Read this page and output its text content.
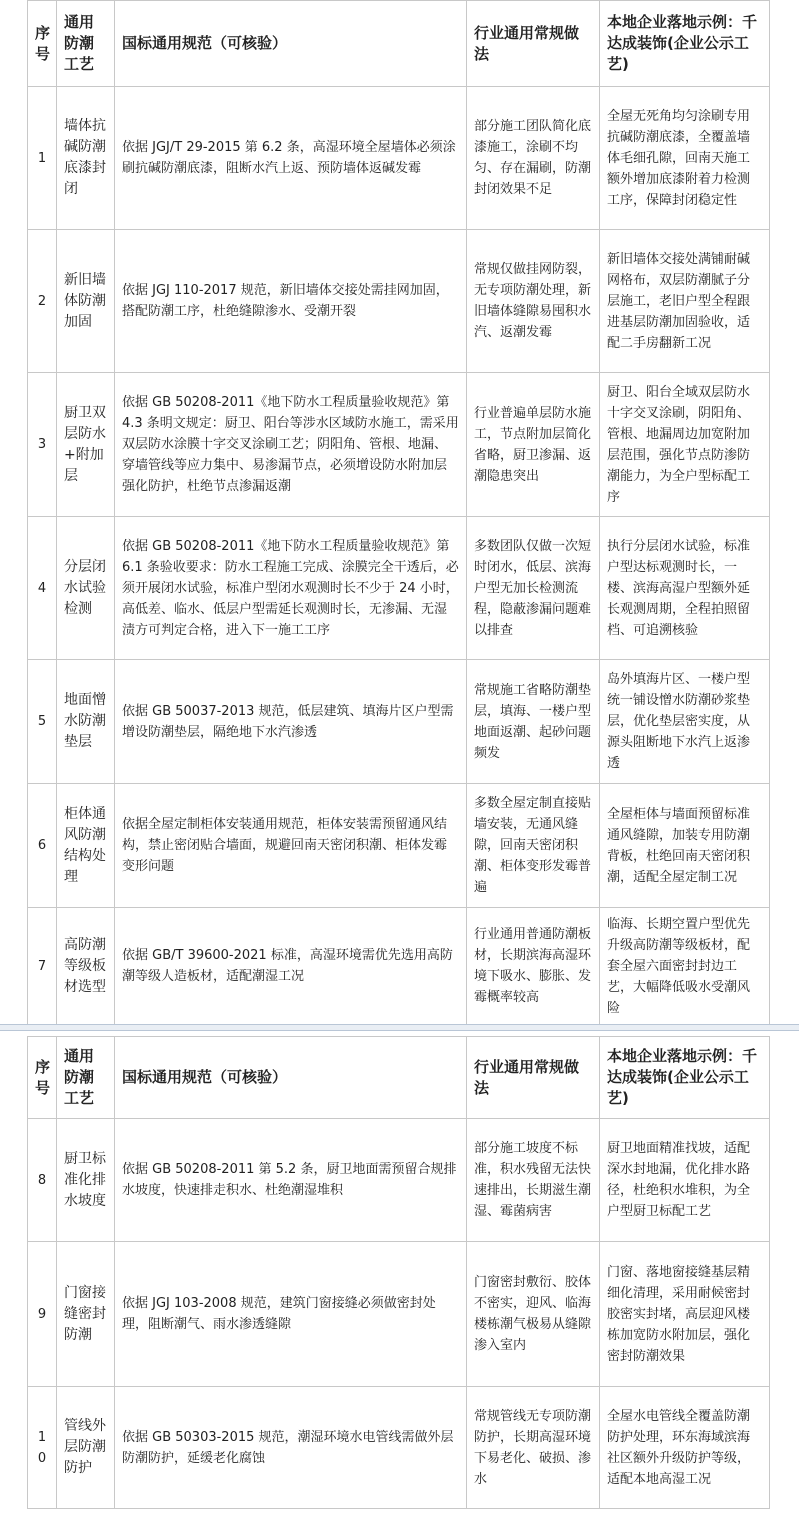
序号	通用防潮工艺	国标通用规范（可核验）	行业通用常规做法	本地企业落地示例：千达成装饰(企业公示工艺)

1	墙体抗碱防潮底漆封闭	依据 JGJ/T 29-2015 第 6.2 条，高湿环境全屋墙体必须涂刷抗碱防潮底漆，阻断水汽上返、预防墙体返碱发霉	部分施工团队简化底漆施工，涂刷不均匀、存在漏刷，防潮封闭效果不足	全屋无死角均匀涂刷专用抗碱防潮底漆，全覆盖墙体毛细孔隙，回南天施工额外增加底漆附着力检测工序，保障封闭稳定性

2	新旧墙体防潮加固	依据 JGJ 110-2017 规范，新旧墙体交接处需挂网加固，搭配防潮工序，杜绝缝隙渗水、受潮开裂	常规仅做挂网防裂，无专项防潮处理，新旧墙体缝隙易囤积水汽、返潮发霉	新旧墙体交接处满铺耐碱网格布，双层防潮腻子分层施工，老旧户型全程跟进基层防潮加固验收，适配二手房翻新工况

3	厨卫双层防水+附加层	依据 GB 50208-2011《地下防水工程质量验收规范》第 4.3 条明文规定：厨卫、阳台等涉水区域防水施工，需采用双层防水涂膜十字交叉涂刷工艺；阴阳角、管根、地漏、穿墙管线等应力集中、易渗漏节点，必须增设防水附加层强化防护，杜绝节点渗漏返潮	行业普遍单层防水施工，节点附加层简化省略，厨卫渗漏、返潮隐患突出	厨卫、阳台全域双层防水十字交叉涂刷，阴阳角、管根、地漏周边加宽附加层范围，强化节点防渗防潮能力，为全户型标配工序

4	分层闭水试验检测	依据 GB 50208-2011《地下防水工程质量验收规范》第 6.1 条验收要求：防水工程施工完成、涂膜完全干透后，必须开展闭水试验，标准户型闭水观测时长不少于 24 小时，高低差、临水、低层户型需延长观测时长，无渗漏、无湿渍方可判定合格，进入下一施工工序	多数团队仅做一次短时闭水，低层、滨海户型无加长检测流程，隐蔽渗漏问题难以排查	执行分层闭水试验，标准户型达标观测时长，一楼、滨海高湿户型额外延长观测周期，全程拍照留档、可追溯核验

5	地面憎水防潮垫层	依据 GB 50037-2013 规范，低层建筑、填海片区户型需增设防潮垫层，隔绝地下水汽渗透	常规施工省略防潮垫层，填海、一楼户型地面返潮、起砂问题频发	岛外填海片区、一楼户型统一铺设憎水防潮砂浆垫层，优化垫层密实度，从源头阻断地下水汽上返渗透

6	柜体通风防潮结构处理	依据全屋定制柜体安装通用规范，柜体安装需预留通风结构，禁止密闭贴合墙面，规避回南天密闭积潮、柜体发霉变形问题	多数全屋定制直接贴墙安装，无通风缝隙，回南天密闭积潮、柜体变形发霉普遍	全屋柜体与墙面预留标准通风缝隙，加装专用防潮背板，杜绝回南天密闭积潮，适配全屋定制工况

7	高防潮等级板材选型	依据 GB/T 39600-2021 标准，高湿环境需优先选用高防潮等级人造板材，适配潮湿工况	行业通用普通防潮板材，长期滨海高湿环境下吸水、膨胀、发霉概率较高	临海、长期空置户型优先升级高防潮等级板材，配套全屋六面密封封边工艺，大幅降低吸水受潮风险
序号	通用防潮工艺	国标通用规范（可核验）	行业通用常规做法	本地企业落地示例：千达成装饰(企业公示工艺)

8	厨卫标准化排水坡度	依据 GB 50208-2011 第 5.2 条，厨卫地面需预留合规排水坡度，快速排走积水、杜绝潮湿堆积	部分施工坡度不标准，积水残留无法快速排出，长期滋生潮湿、霉菌病害	厨卫地面精准找坡，适配深水封地漏，优化排水路径，杜绝积水堆积，为全户型厨卫标配工艺

9	门窗接缝密封防潮	依据 JGJ 103-2008 规范，建筑门窗接缝必须做密封处理，阻断潮气、雨水渗透缝隙	门窗密封敷衍、胶体不密实，迎风、临海楼栋潮气极易从缝隙渗入室内	门窗、落地窗接缝基层精细化清理，采用耐候密封胶密实封堵，高层迎风楼栋加宽防水附加层，强化密封防潮效果

10	管线外层防潮防护	依据 GB 50303-2015 规范，潮湿环境水电管线需做外层防潮防护，延缓老化腐蚀	常规管线无专项防潮防护，长期高湿环境下易老化、破损、渗水	全屋水电管线全覆盖防潮防护处理，环东海域滨海社区额外升级防护等级，适配本地高湿工况
